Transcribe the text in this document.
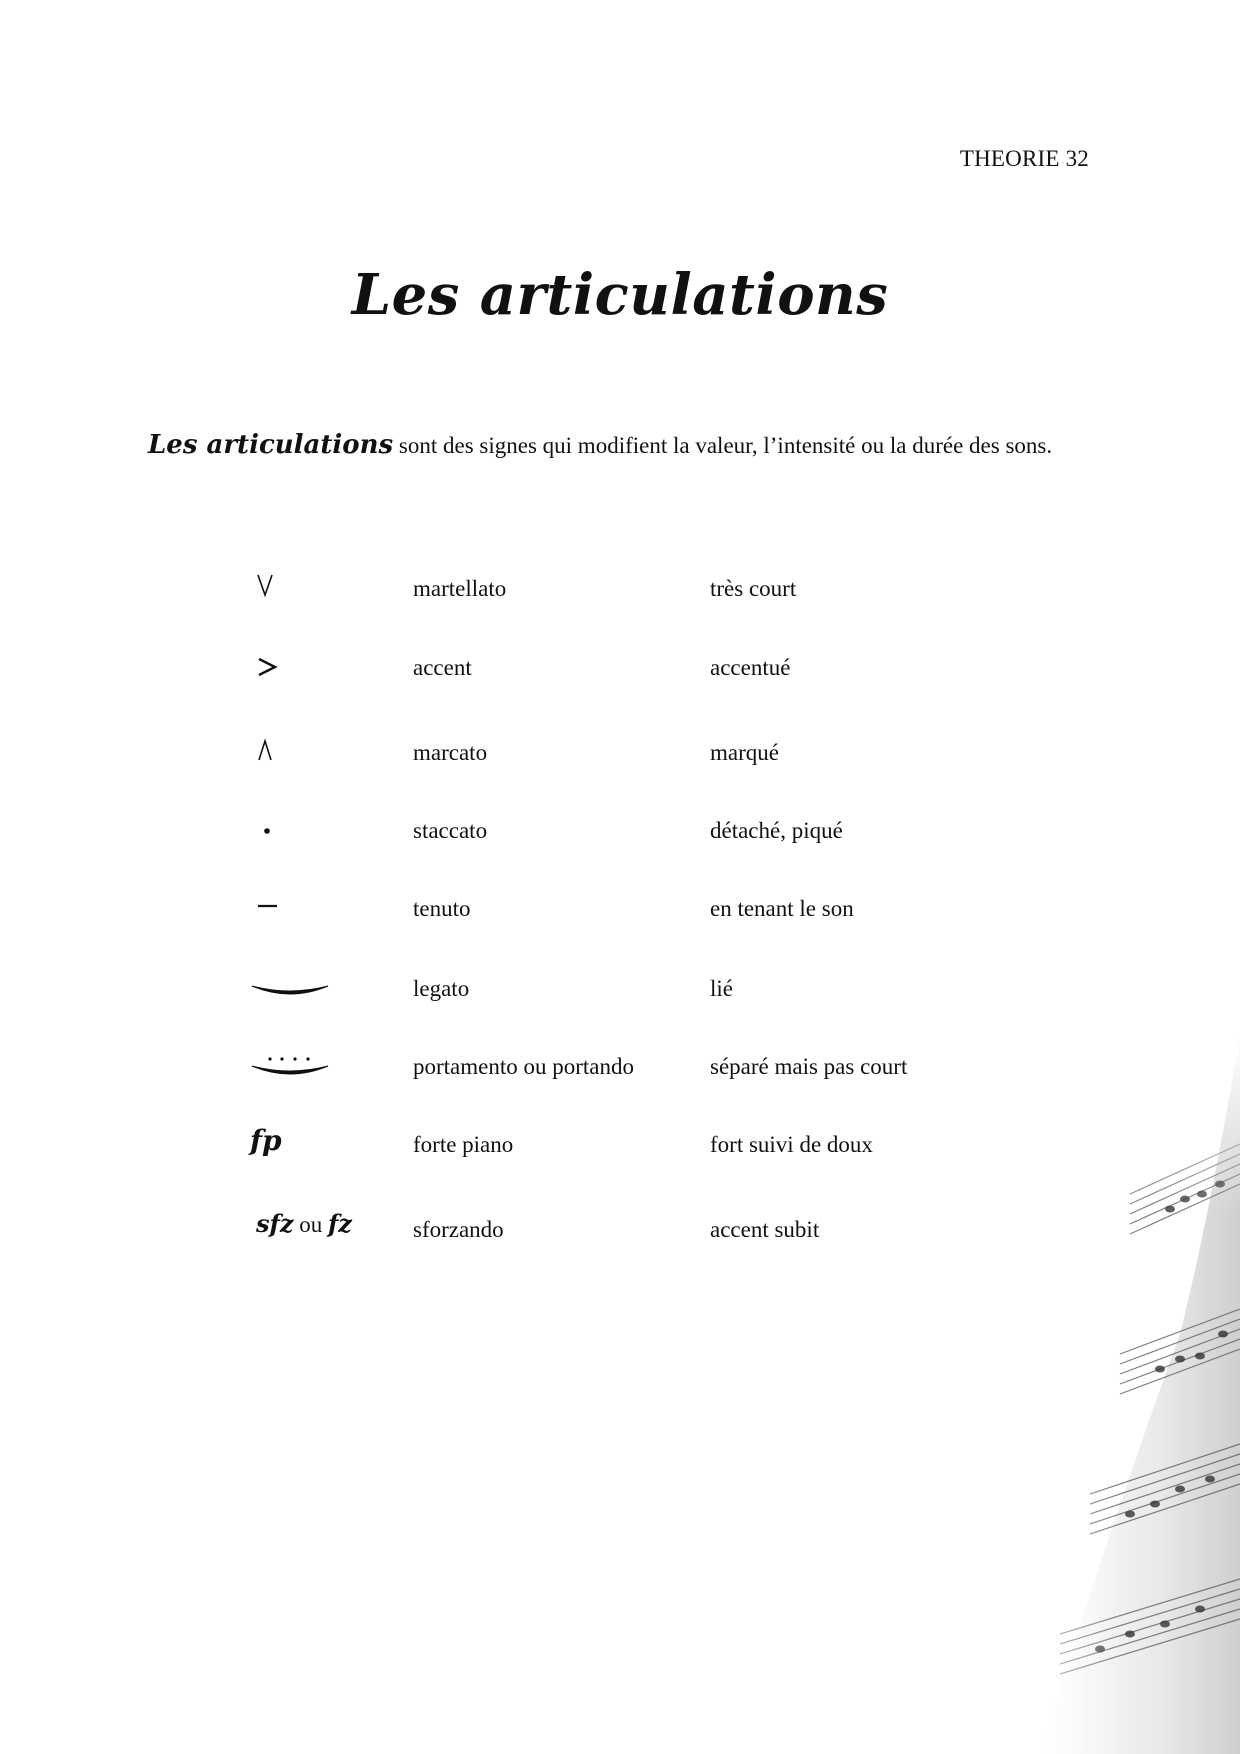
THEORIE 32
Les articulations
Les articulations sont des signes qui modifient la valeur, l’intensité ou la durée des sons.
martellato	très court
accent	accentué
marcato	marqué
staccato	détaché, piqué
tenuto	en tenant le son
legato	lié
portamento ou portando	séparé mais pas court
fp	forte piano	fort suivi de doux
sfz ou fz	sforzando	accent subit
